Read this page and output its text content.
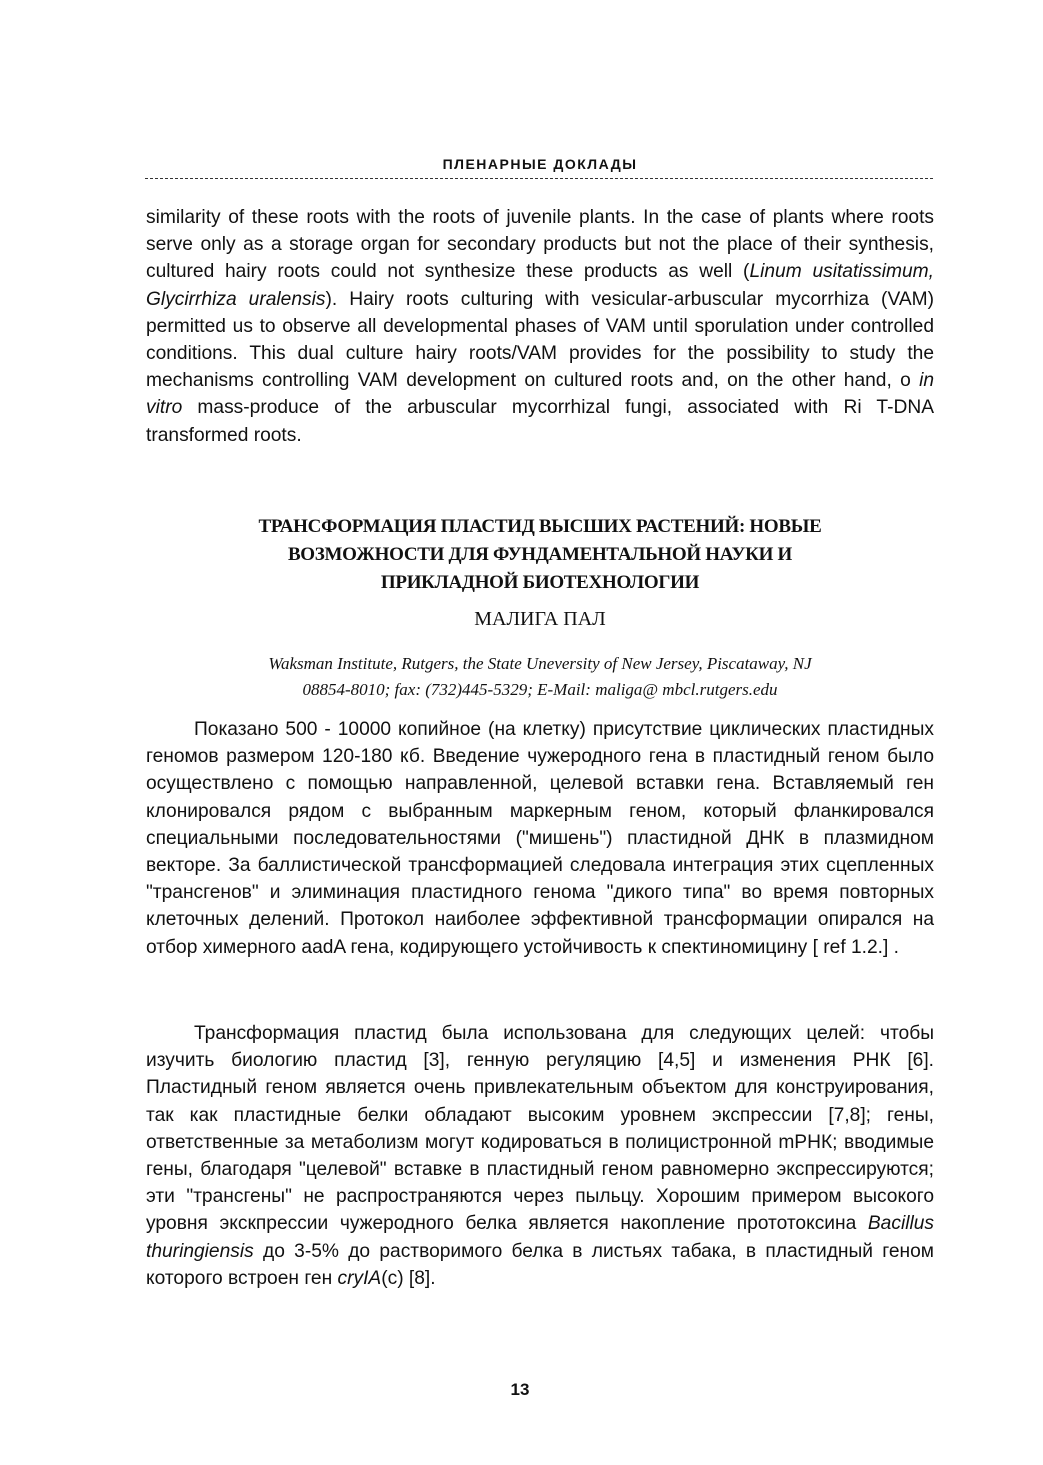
ПЛЕНАРНЫЕ ДОКЛАДЫ

similarity of these roots with the roots of juvenile plants. In the case of plants where roots serve only as a storage organ for secondary products but not the place of their synthesis, cultured hairy roots could not synthesize these products as well (Linum usitatissimum, Glycirrhiza uralensis). Hairy roots culturing with vesicular-arbuscular mycorrhiza (VAM) permitted us to observe all developmental phases of VAM until sporulation under controlled conditions. This dual culture hairy roots/VAM provides for the possibility to study the mechanisms controlling VAM development on cultured roots and, on the other hand, o in vitro mass-produce of the arbuscular mycorrhizal fungi, associated with Ri T-DNA transformed roots.

ТРАНСФОРМАЦИЯ ПЛАСТИД ВЫСШИХ РАСТЕНИЙ: НОВЫЕ
ВОЗМОЖНОСТИ ДЛЯ ФУНДАМЕНТАЛЬНОЙ НАУКИ И
ПРИКЛАДНОЙ БИОТЕХНОЛОГИИ
МАЛИГА ПАЛ
Waksman Institute, Rutgers, the State Uneversity of New Jersey, Piscataway, NJ
08854-8010; fax: (732)445-5329; E-Mail: maliga@ mbcl.rutgers.edu

Показано 500 - 10000 копийное (на клетку) присутствие циклических пластидных геномов размером 120-180 кб. Введение чужеродного гена в пластидный геном было осуществлено с помощью направленной, целевой вставки гена. Вставляемый ген клонировался рядом с выбранным маркерным геном, который фланкировался специальными последовательностями ("мишень") пластидной ДНК в плазмидном векторе. За баллистической трансформацией следовала интеграция этих сцепленных "трансгенов" и элиминация пластидного генома "дикого типа" во время повторных клеточных делений. Протокол наиболее эффективной трансформации опирался на отбор химерного aadA гена, кодирующего устойчивость к спектиномицину [ ref 1.2.] .

Трансформация пластид была использована для следующих целей: чтобы изучить биологию пластид [3], генную регуляцию [4,5] и изменения РНК [6]. Пластидный геном является очень привлекательным объектом для конструирования, так как пластидные белки обладают высоким уровнем экспрессии [7,8]; гены, ответственные за метаболизм могут кодироваться в полицистронной mРНК; вводимые гены, благодаря "целевой" вставке в пластидный геном равномерно экспрессируются; эти "трансгены" не распространяются через пыльцу. Хорошим примером высокого уровня экскпрессии чужеродного белка является накопление прототоксина Bacillus thuringiensis до 3-5% до растворимого белка в листьях табака, в пластидный геном которого встроен ген cryIA(c) [8].

13
